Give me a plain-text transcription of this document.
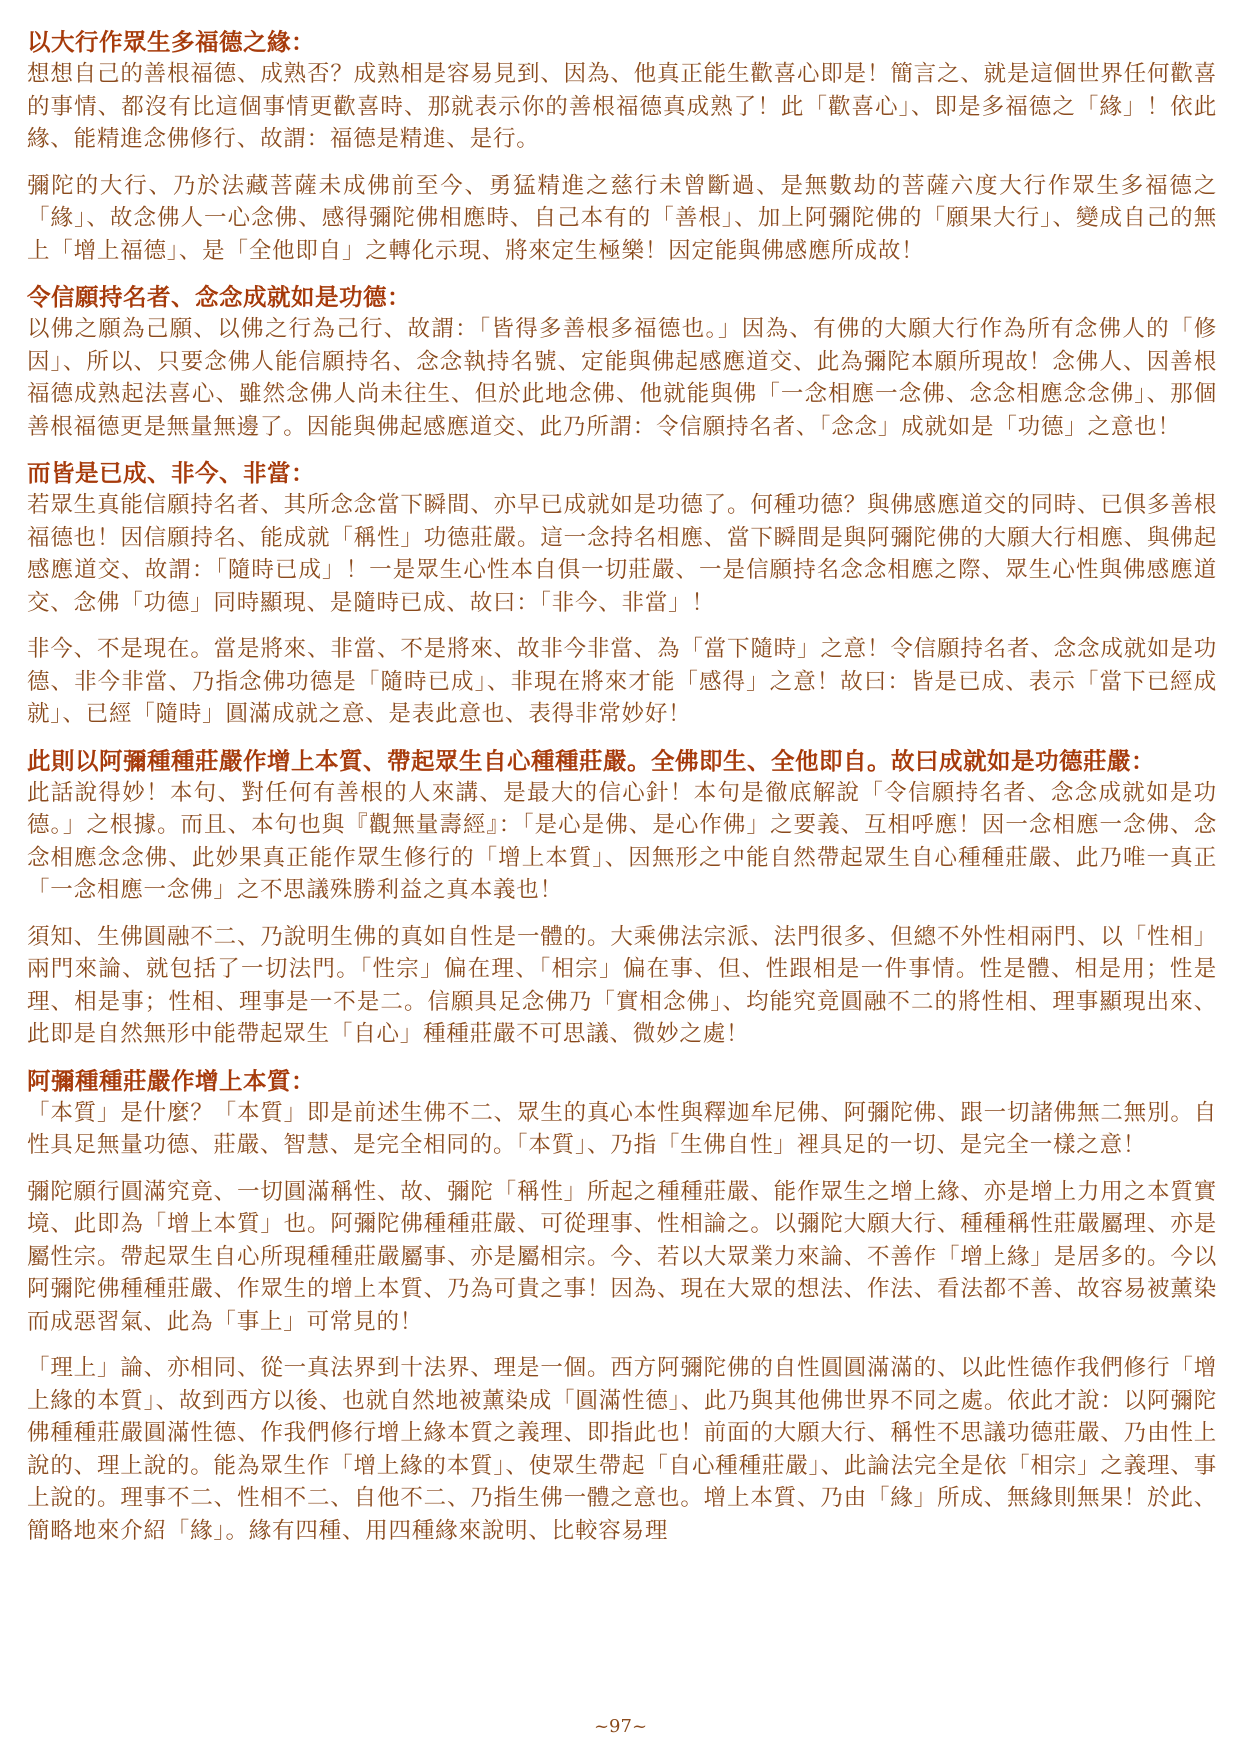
以大行作眾生多福德之緣：

想想自己的善根福德、成熟否？成熟相是容易見到、因為、他真正能生歡喜心即是！簡言之、就是這個世界任何歡喜的事情、都沒有比這個事情更歡喜時、那就表示你的善根福德真成熟了！此「歡喜心」、即是多福德之「緣」！依此緣、能精進念佛修行、故謂：福德是精進、是行。

彌陀的大行、乃於法藏菩薩未成佛前至今、勇猛精進之慈行未曾斷過、是無數劫的菩薩六度大行作眾生多福德之「緣」、故念佛人一心念佛、感得彌陀佛相應時、自己本有的「善根」、加上阿彌陀佛的「願果大行」、變成自己的無上「增上福德」、是「全他即自」之轉化示現、將來定生極樂！因定能與佛感應所成故！

令信願持名者、念念成就如是功德：

以佛之願為己願、以佛之行為己行、故謂：「皆得多善根多福德也。」因為、有佛的大願大行作為所有念佛人的「修因」、所以、只要念佛人能信願持名、念念執持名號、定能與佛起感應道交、此為彌陀本願所現故！念佛人、因善根福德成熟起法喜心、雖然念佛人尚未往生、但於此地念佛、他就能與佛「一念相應一念佛、念念相應念念佛」、那個善根福德更是無量無邊了。因能與佛起感應道交、此乃所謂：令信願持名者、「念念」成就如是「功德」之意也！

而皆是已成、非今、非當：

若眾生真能信願持名者、其所念念當下瞬間、亦早已成就如是功德了。何種功德？與佛感應道交的同時、已俱多善根福德也！因信願持名、能成就「稱性」功德莊嚴。這一念持名相應、當下瞬間是與阿彌陀佛的大願大行相應、與佛起感應道交、故謂：「隨時已成」！一是眾生心性本自俱一切莊嚴、一是信願持名念念相應之際、眾生心性與佛感應道交、念佛「功德」同時顯現、是隨時已成、故曰：「非今、非當」！

非今、不是現在。當是將來、非當、不是將來、故非今非當、為「當下隨時」之意！令信願持名者、念念成就如是功德、非今非當、乃指念佛功德是「隨時已成」、非現在將來才能「感得」之意！故曰：皆是已成、表示「當下已經成就」、已經「隨時」圓滿成就之意、是表此意也、表得非常妙好！

此則以阿彌種種莊嚴作增上本質、帶起眾生自心種種莊嚴。全佛即生、全他即自。故曰成就如是功德莊嚴：

此話說得妙！本句、對任何有善根的人來講、是最大的信心針！本句是徹底解說「令信願持名者、念念成就如是功德。」之根據。而且、本句也與『觀無量壽經』：「是心是佛、是心作佛」之要義、互相呼應！因一念相應一念佛、念念相應念念佛、此妙果真正能作眾生修行的「增上本質」、因無形之中能自然帶起眾生自心種種莊嚴、此乃唯一真正「一念相應一念佛」之不思議殊勝利益之真本義也！

須知、生佛圓融不二、乃說明生佛的真如自性是一體的。大乘佛法宗派、法門很多、但總不外性相兩門、以「性相」兩門來論、就包括了一切法門。「性宗」偏在理、「相宗」偏在事、但、性跟相是一件事情。性是體、相是用；性是理、相是事；性相、理事是一不是二。信願具足念佛乃「實相念佛」、均能究竟圓融不二的將性相、理事顯現出來、此即是自然無形中能帶起眾生「自心」種種莊嚴不可思議、微妙之處！

阿彌種種莊嚴作增上本質：

「本質」是什麼？「本質」即是前述生佛不二、眾生的真心本性與釋迦牟尼佛、阿彌陀佛、跟一切諸佛無二無別。自性具足無量功德、莊嚴、智慧、是完全相同的。「本質」、乃指「生佛自性」裡具足的一切、是完全一樣之意！

彌陀願行圓滿究竟、一切圓滿稱性、故、彌陀「稱性」所起之種種莊嚴、能作眾生之增上緣、亦是增上力用之本質實境、此即為「增上本質」也。阿彌陀佛種種莊嚴、可從理事、性相論之。以彌陀大願大行、種種稱性莊嚴屬理、亦是屬性宗。帶起眾生自心所現種種莊嚴屬事、亦是屬相宗。今、若以大眾業力來論、不善作「增上緣」是居多的。今以阿彌陀佛種種莊嚴、作眾生的增上本質、乃為可貴之事！因為、現在大眾的想法、作法、看法都不善、故容易被薰染而成惡習氣、此為「事上」可常見的！

「理上」論、亦相同、從一真法界到十法界、理是一個。西方阿彌陀佛的自性圓圓滿滿的、以此性德作我們修行「增上緣的本質」、故到西方以後、也就自然地被薰染成「圓滿性德」、此乃與其他佛世界不同之處。依此才說：以阿彌陀佛種種莊嚴圓滿性德、作我們修行增上緣本質之義理、即指此也！前面的大願大行、稱性不思議功德莊嚴、乃由性上說的、理上說的。能為眾生作「增上緣的本質」、使眾生帶起「自心種種莊嚴」、此論法完全是依「相宗」之義理、事上說的。理事不二、性相不二、自他不二、乃指生佛一體之意也。增上本質、乃由「緣」所成、無緣則無果！於此、簡略地來介紹「緣」。緣有四種、用四種緣來說明、比較容易理

~97~
